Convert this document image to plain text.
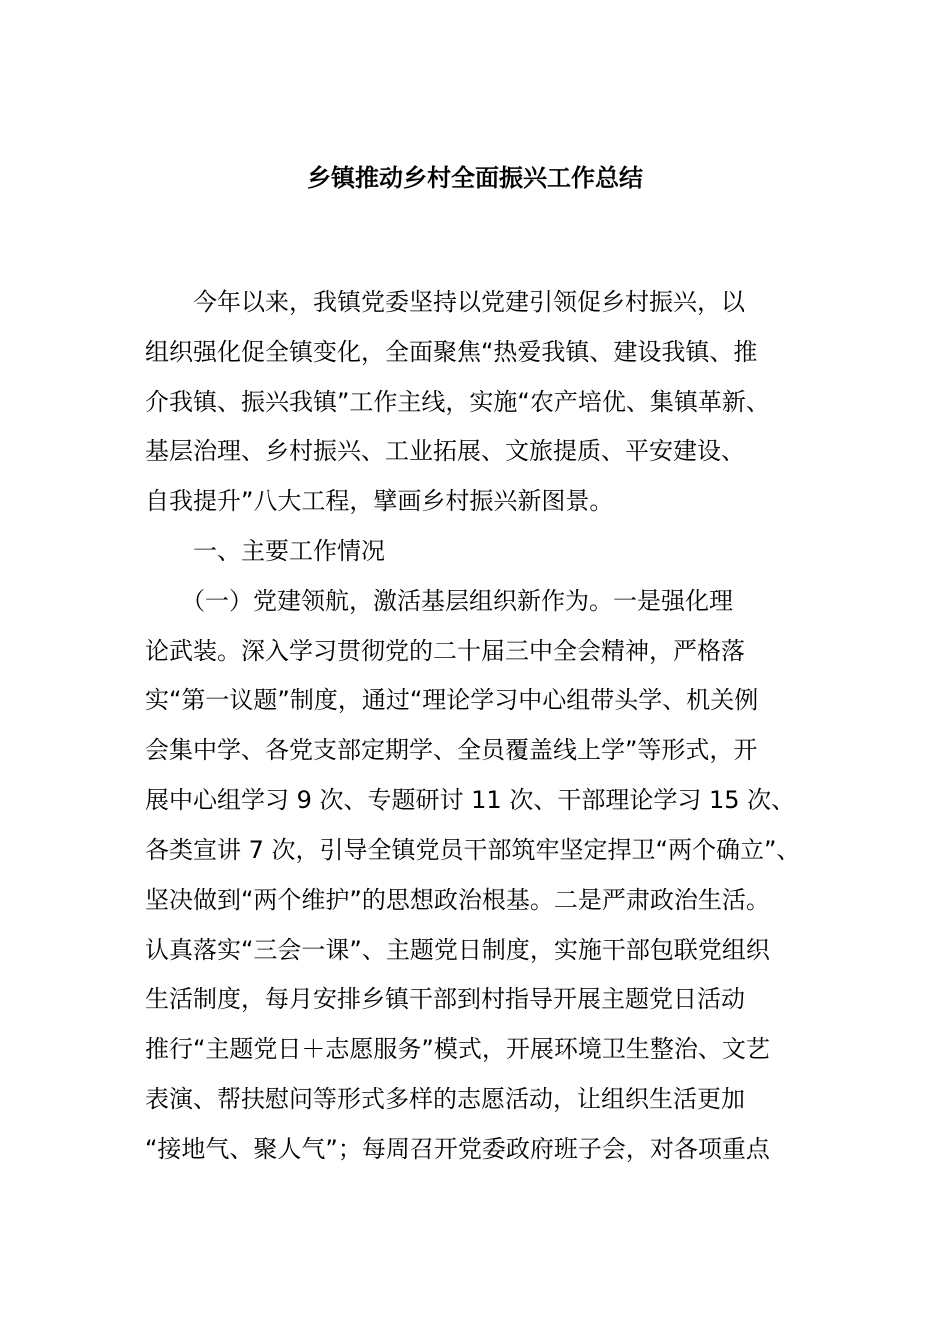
乡镇推动乡村全面振兴工作总结

　　今年以来，我镇党委坚持以党建引领促乡村振兴，以

组织强化促全镇变化，全面聚焦“热爱我镇、建设我镇、推

介我镇、振兴我镇”工作主线，实施“农产培优、集镇革新、

基层治理、乡村振兴、工业拓展、文旅提质、平安建设、

自我提升”八大工程，擘画乡村振兴新图景。

　　一、主要工作情况

　　（一）党建领航，激活基层组织新作为。一是强化理

论武装。深入学习贯彻党的二十届三中全会精神，严格落

实“第一议题”制度，通过“理论学习中心组带头学、机关例

会集中学、各党支部定期学、全员覆盖线上学”等形式，开

展中心组学习 9 次、专题研讨 11 次、干部理论学习 15 次、

各类宣讲 7 次，引导全镇党员干部筑牢坚定捍卫“两个确立”、

坚决做到“两个维护”的思想政治根基。二是严肃政治生活。

认真落实“三会一课”、主题党日制度，实施干部包联党组织

生活制度，每月安排乡镇干部到村指导开展主题党日活动

推行“主题党日＋志愿服务”模式，开展环境卫生整治、文艺

表演、帮扶慰问等形式多样的志愿活动，让组织生活更加

“接地气、聚人气”；每周召开党委政府班子会，对各项重点
